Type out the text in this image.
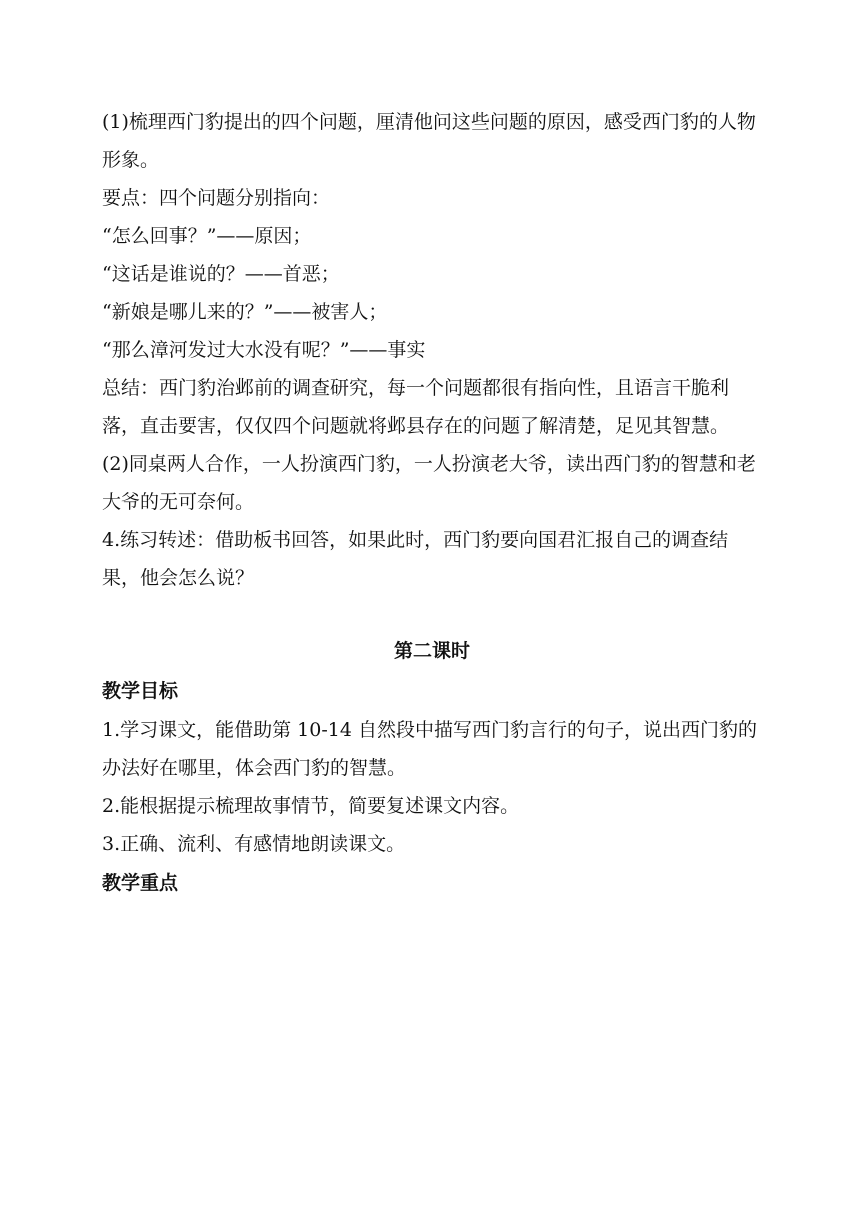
(1)梳理西门豹提出的四个问题，厘清他问这些问题的原因，感受西门豹的人物形象。

要点：四个问题分别指向：

“怎么回事？”——原因；

“这话是谁说的？——首恶；

“新娘是哪儿来的？”——被害人；

“那么漳河发过大水没有呢？”——事实

总结：西门豹治邺前的调查研究，每一个问题都很有指向性，且语言干脆利落，直击要害，仅仅四个问题就将邺县存在的问题了解清楚，足见其智慧。

(2)同桌两人合作，一人扮演西门豹，一人扮演老大爷，读出西门豹的智慧和老大爷的无可奈何。

4.练习转述：借助板书回答，如果此时，西门豹要向国君汇报自己的调查结果，他会怎么说？

第二课时

教学目标

1.学习课文，能借助第 10-14 自然段中描写西门豹言行的句子，说出西门豹的办法好在哪里，体会西门豹的智慧。

2.能根据提示梳理故事情节，简要复述课文内容。

3.正确、流利、有感情地朗读课文。

教学重点
